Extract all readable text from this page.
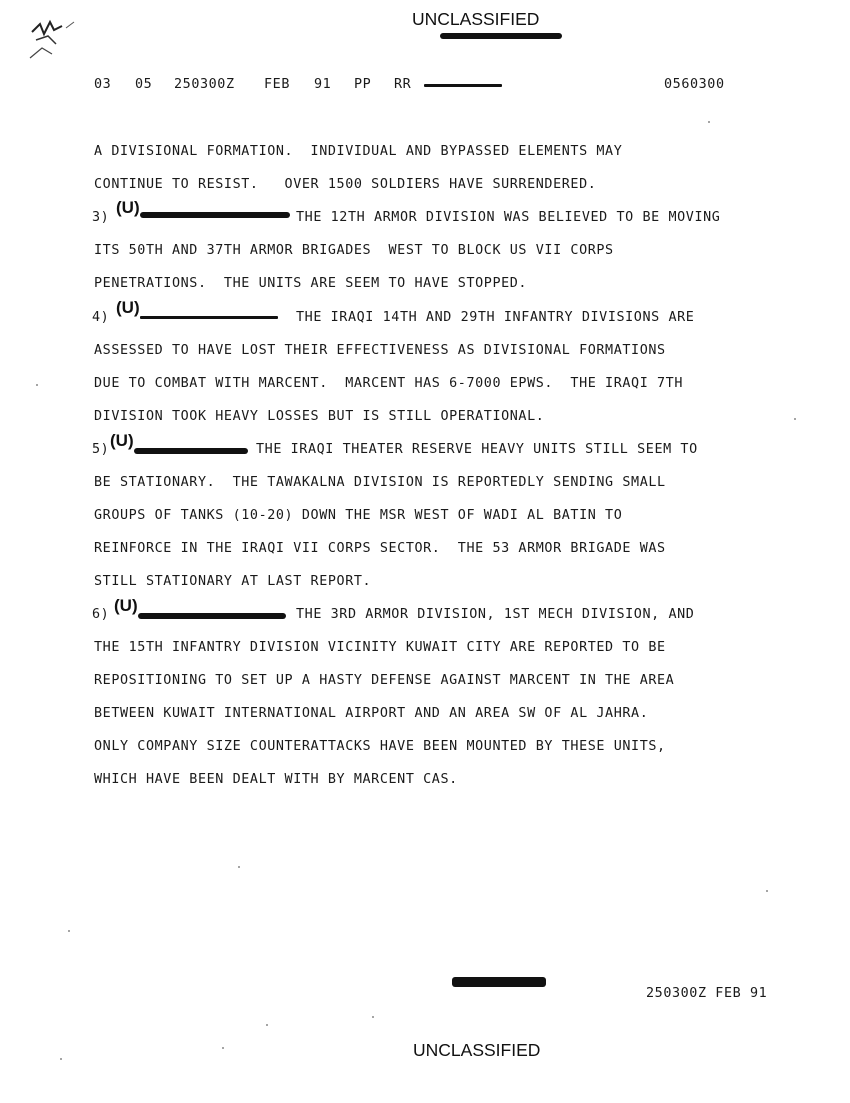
UNCLASSIFIED
03 05 250300Z FEB 91 PP RR	0560300
A DIVISIONAL FORMATION.  INDIVIDUAL AND BYPASSED ELEMENTS MAY
CONTINUE TO RESIST.   OVER 1500 SOLDIERS HAVE SURRENDERED.
3)
(U)
THE 12TH ARMOR DIVISION WAS BELIEVED TO BE MOVING
ITS 50TH AND 37TH ARMOR BRIGADES  WEST TO BLOCK US VII CORPS
PENETRATIONS.  THE UNITS ARE SEEM TO HAVE STOPPED.
4)
(U)
THE IRAQI 14TH AND 29TH INFANTRY DIVISIONS ARE
ASSESSED TO HAVE LOST THEIR EFFECTIVENESS AS DIVISIONAL FORMATIONS
DUE TO COMBAT WITH MARCENT.  MARCENT HAS 6-7000 EPWS.  THE IRAQI 7TH
DIVISION TOOK HEAVY LOSSES BUT IS STILL OPERATIONAL.
5) (U)	THE IRAQI THEATER RESERVE HEAVY UNITS STILL SEEM TO
BE STATIONARY.  THE TAWAKALNA DIVISION IS REPORTEDLY SENDING SMALL
GROUPS OF TANKS (10-20) DOWN THE MSR WEST OF WADI AL BATIN TO
REINFORCE IN THE IRAQI VII CORPS SECTOR.  THE 53 ARMOR BRIGADE WAS
STILL STATIONARY AT LAST REPORT.
6) (U)	THE 3RD ARMOR DIVISION, 1ST MECH DIVISION, AND
THE 15TH INFANTRY DIVISION VICINITY KUWAIT CITY ARE REPORTED TO BE
REPOSITIONING TO SET UP A HASTY DEFENSE AGAINST MARCENT IN THE AREA
BETWEEN KUWAIT INTERNATIONAL AIRPORT AND AN AREA SW OF AL JAHRA.
ONLY COMPANY SIZE COUNTERATTACKS HAVE BEEN MOUNTED BY THESE UNITS,
WHICH HAVE BEEN DEALT WITH BY MARCENT CAS.
250300Z FEB 91
UNCLASSIFIED
